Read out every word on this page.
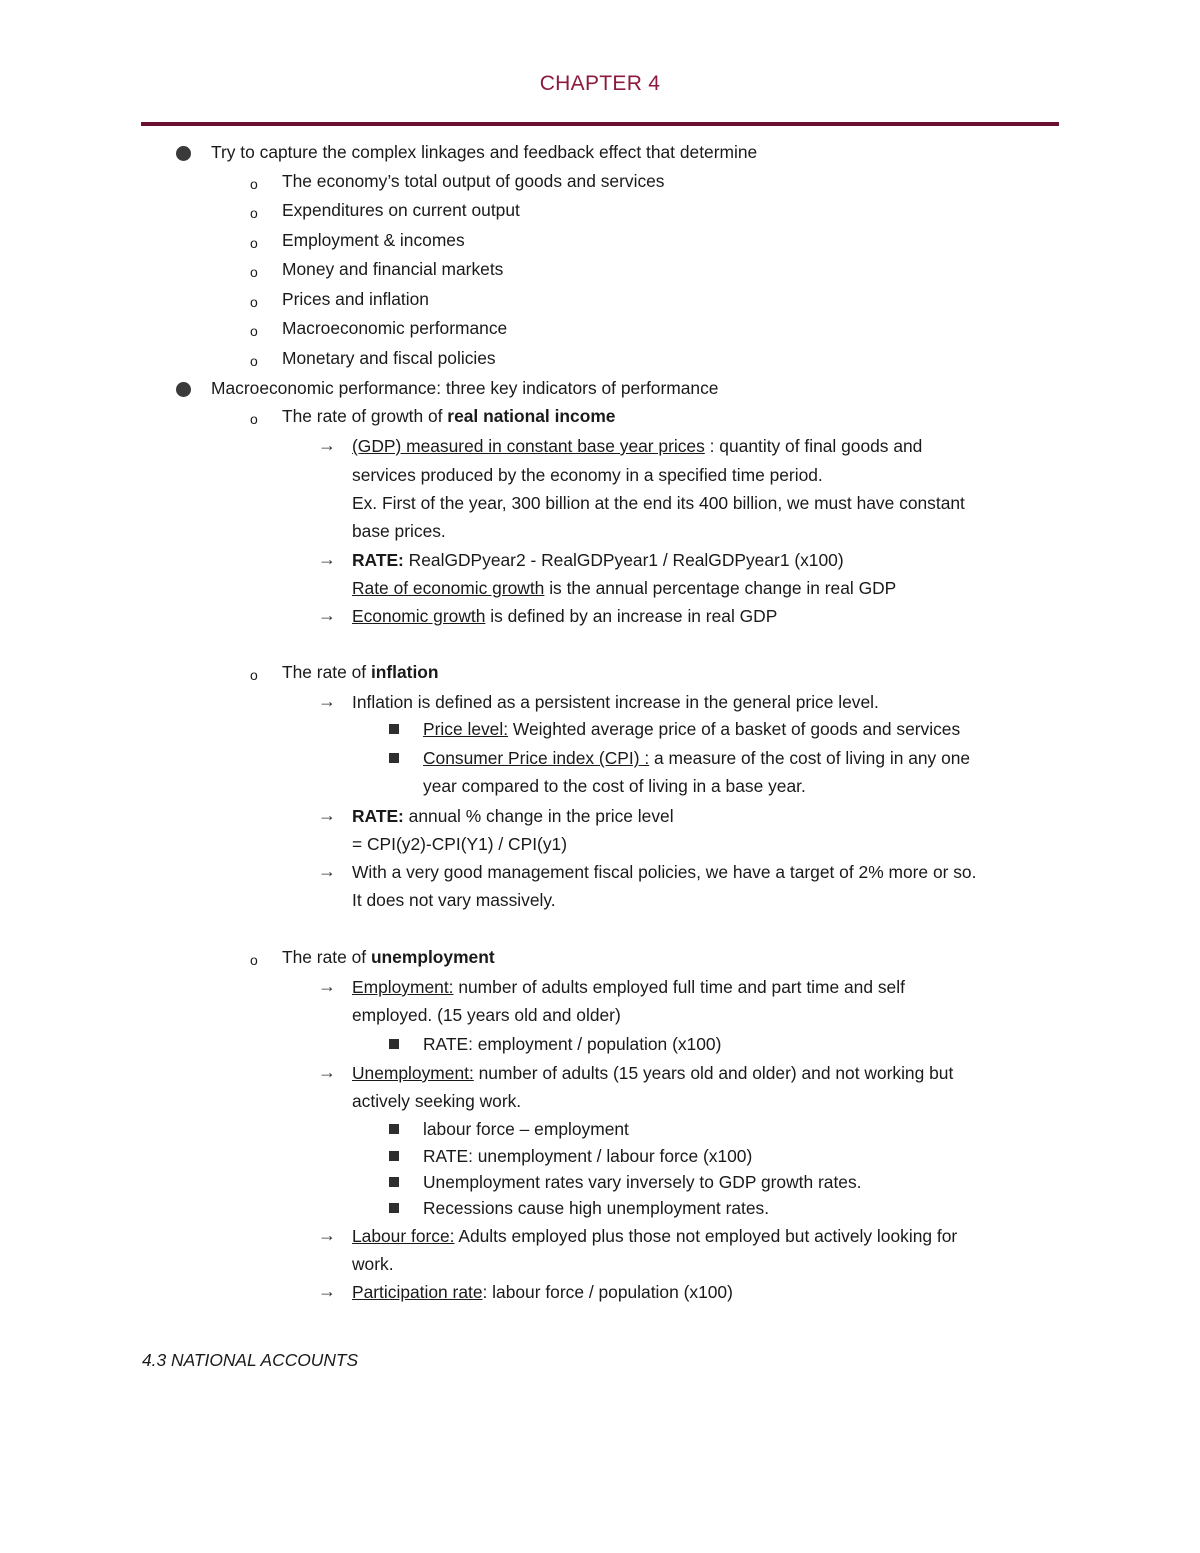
CHAPTER 4
Try to capture the complex linkages and feedback effect that determine
o The economy’s total output of goods and services
o Expenditures on current output
o Employment & incomes
o Money and financial markets
o Prices and inflation
o Macroeconomic performance
o Monetary and fiscal policies
Macroeconomic performance: three key indicators of performance
o The rate of growth of real national income
→ (GDP) measured in constant base year prices : quantity of final goods and
services produced by the economy in a specified time period.
Ex. First of the year, 300 billion at the end its 400 billion, we must have constant
base prices.
→ RATE: RealGDPyear2 - RealGDPyear1 / RealGDPyear1 (x100)
Rate of economic growth is the annual percentage change in real GDP
→ Economic growth is defined by an increase in real GDP
o The rate of inflation
→ Inflation is defined as a persistent increase in the general price level.
Price level: Weighted average price of a basket of goods and services
Consumer Price index (CPI) : a measure of the cost of living in any one
year compared to the cost of living in a base year.
→ RATE: annual % change in the price level
= CPI(y2)-CPI(Y1) / CPI(y1)
→ With a very good management fiscal policies, we have a target of 2% more or so.
It does not vary massively.
o The rate of unemployment
→ Employment: number of adults employed full time and part time and self
employed. (15 years old and older)
RATE: employment / population (x100)
→ Unemployment: number of adults (15 years old and older) and not working but
actively seeking work.
labour force – employment
RATE: unemployment / labour force (x100)
Unemployment rates vary inversely to GDP growth rates.
Recessions cause high unemployment rates.
→ Labour force: Adults employed plus those not employed but actively looking for
work.
→ Participation rate: labour force / population (x100)
4.3 NATIONAL ACCOUNTS
